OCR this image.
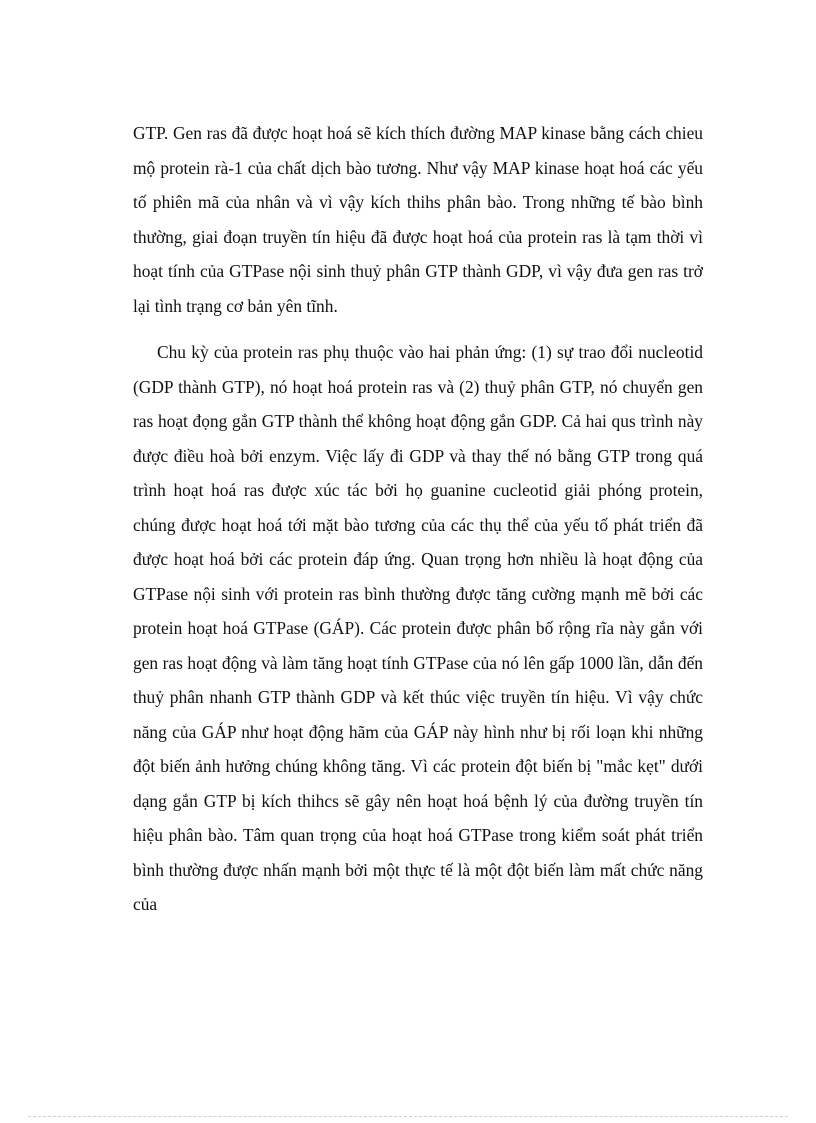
GTP. Gen ras đã được hoạt hoá sẽ kích thích đường MAP kinase bằng cách chieu mộ protein rà-1 của chất dịch bào tương. Như vậy MAP kinase hoạt hoá các yếu tố phiên mã của nhân và vì vậy kích thihs phân bào. Trong những tế bào bình thường, giai đoạn truyền tín hiệu đã được hoạt hoá của protein ras là tạm thời vì hoạt tính của GTPase nội sinh thuỷ phân GTP thành GDP, vì vậy đưa gen ras trở lại tình trạng cơ bản yên tĩnh.

Chu kỳ của protein ras phụ thuộc vào hai phản ứng: (1) sự trao đổi nucleotid (GDP thành GTP), nó hoạt hoá protein ras và (2) thuỷ phân GTP, nó chuyển gen ras hoạt đọng gắn GTP thành thể không hoạt động gắn GDP. Cả hai qus trình này được điều hoà bởi enzym. Việc lấy đi GDP và thay thế nó bằng GTP trong quá trình hoạt hoá ras được xúc tác bởi họ guanine cucleotid giải phóng protein, chúng được hoạt hoá tới mặt bào tương của các thụ thể của yếu tố phát triển đã được hoạt hoá bởi các protein đáp ứng. Quan trọng hơn nhiều là hoạt động của GTPase nội sinh với protein ras bình thường được tăng cường mạnh mẽ bởi các protein hoạt hoá GTPase (GÁP). Các protein được phân bố rộng rĩa này gắn với gen ras hoạt động và làm tăng hoạt tính GTPase của nó lên gấp 1000 lần, dẫn đến thuỷ phân nhanh GTP thành GDP và kết thúc việc truyền tín hiệu. Vì vậy chức năng của GÁP như hoạt động hãm của GÁP này hình như bị rối loạn khi những đột biến ảnh hưởng chúng không tăng. Vì các protein đột biến bị "mắc kẹt" dưới dạng gắn GTP bị kích thihcs sẽ gây nên hoạt hoá bệnh lý của đường truyền tín hiệu phân bào. Tâm quan trọng của hoạt hoá GTPase trong kiểm soát phát triển bình thường được nhấn mạnh bởi một thực tế là một đột biến làm mất chức năng của
